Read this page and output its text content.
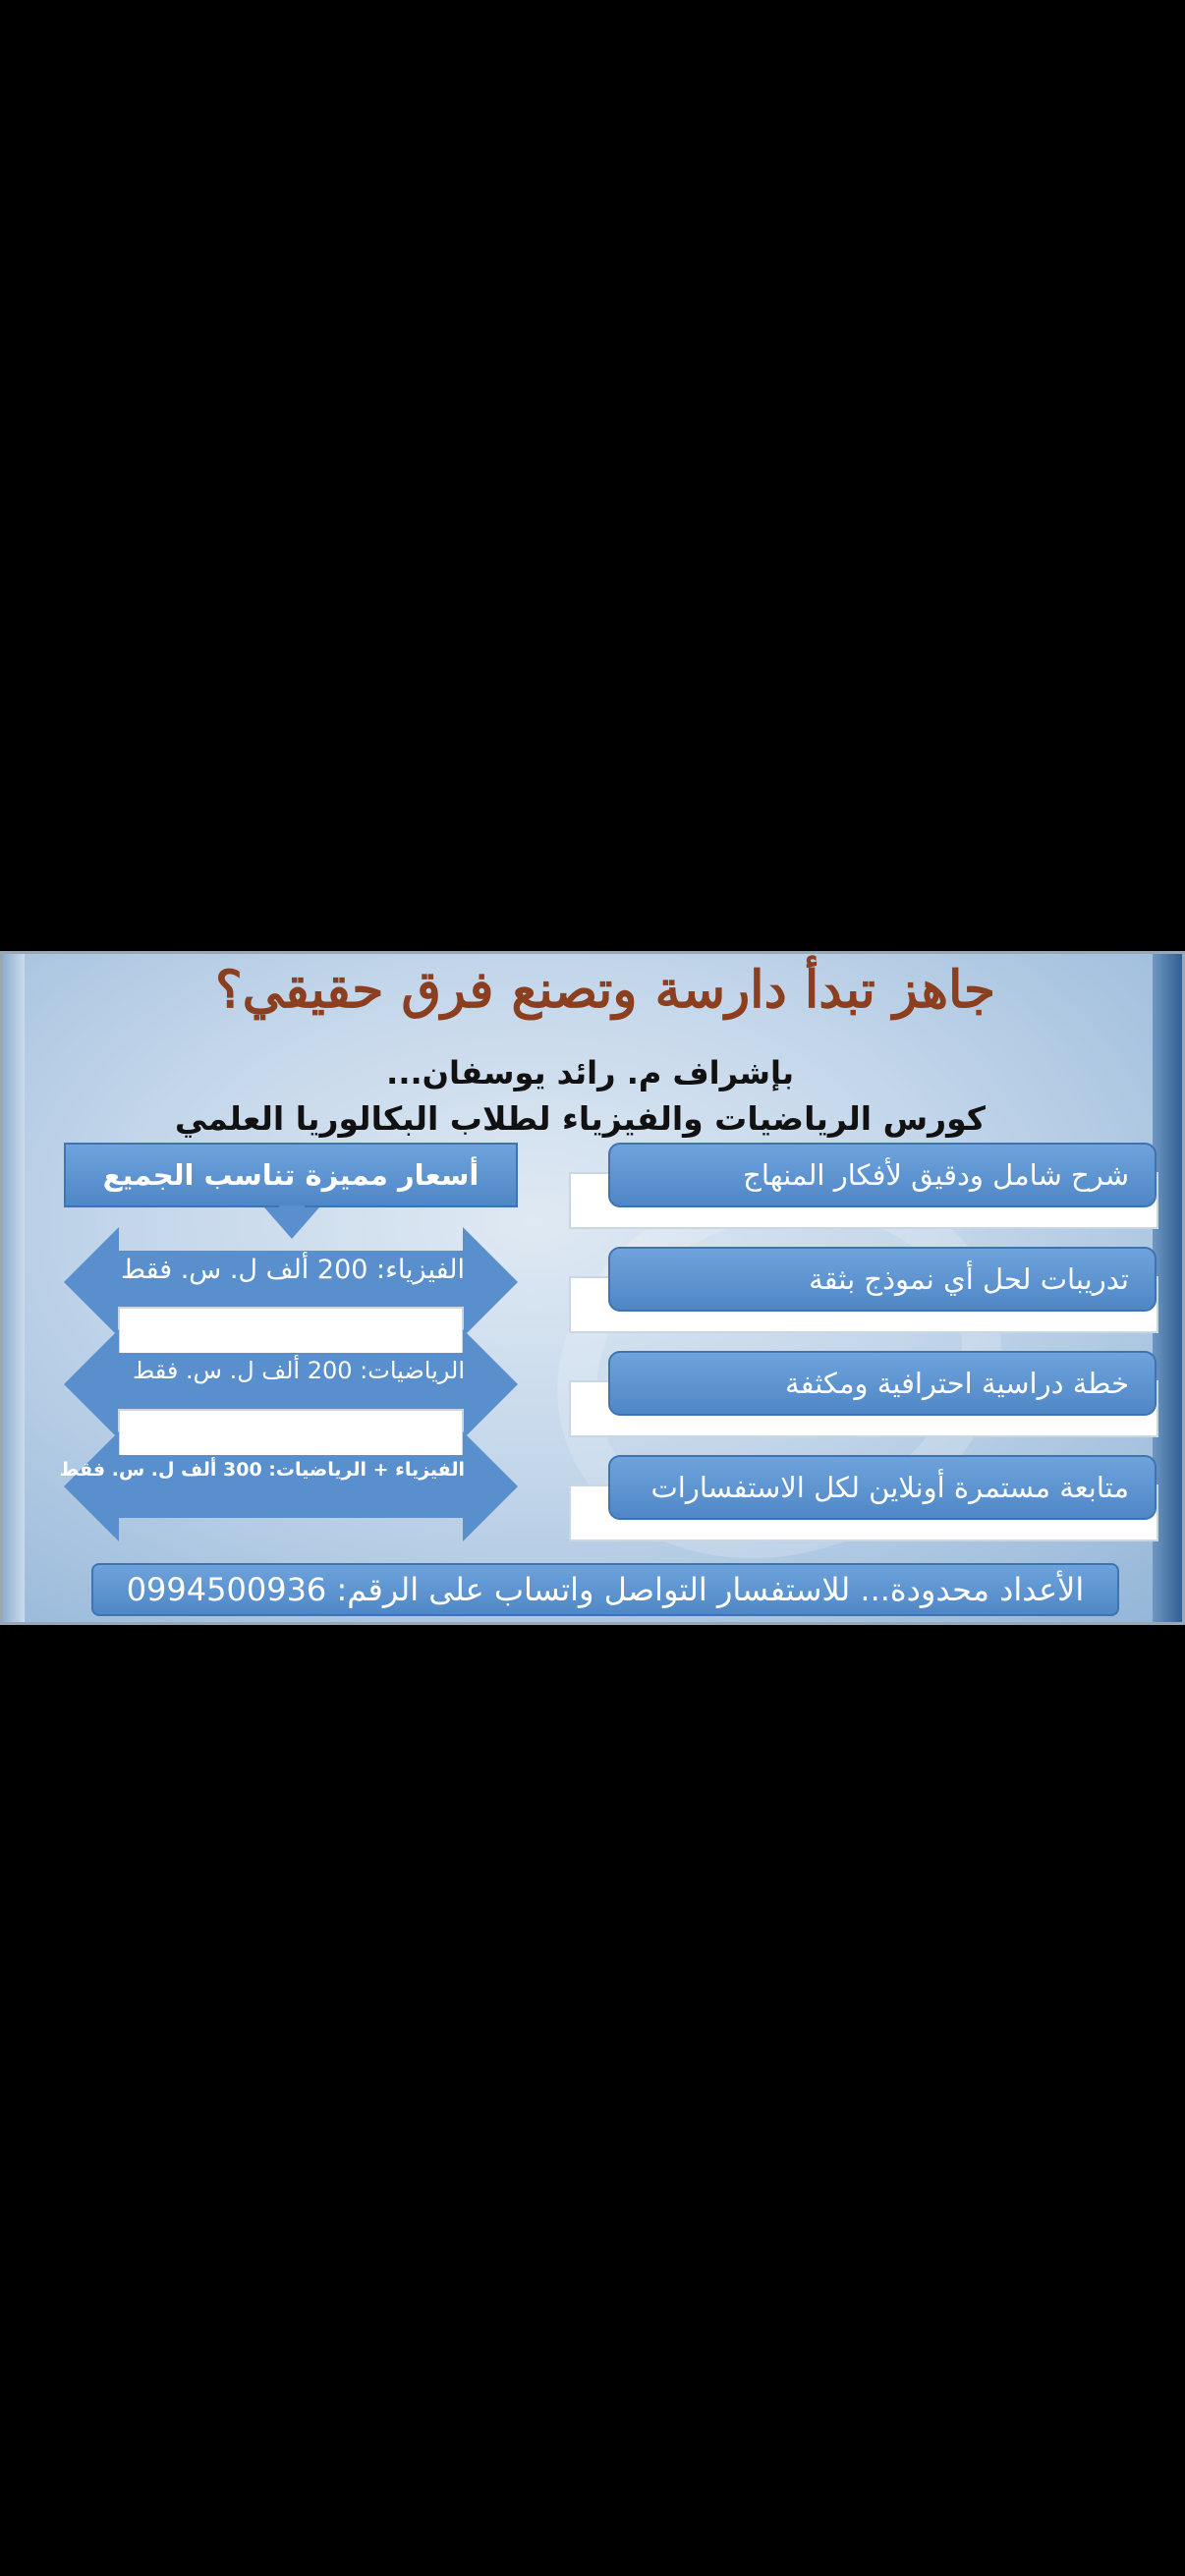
جاهز تبدأ دارسة وتصنع فرق حقيقي؟
بإشراف م. رائد يوسفان...
كورس الرياضيات والفيزياء لطلاب البكالوريا العلمي
شرح شامل ودقيق لأفكار المنهاج
تدريبات لحل أي نموذج بثقة
خطة دراسية احترافية ومكثفة
متابعة مستمرة أونلاين لكل الاستفسارات
أسعار مميزة تناسب الجميع
الفيزياء: 200 ألف ل. س. فقط
الرياضيات: 200 ألف ل. س. فقط
الفيزياء + الرياضيات: 300 ألف ل. س. فقط
الأعداد محدودة... للاستفسار التواصل واتساب على الرقم: 0994500936
